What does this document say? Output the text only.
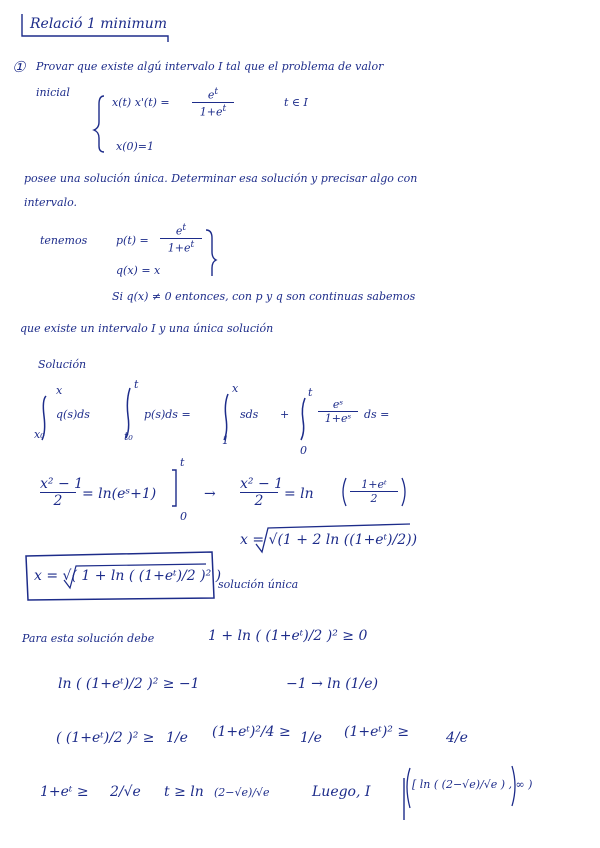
Relació 1 minimum
① Provar que existe algú intervalo I tal que el problema de valor
inicial
x(t) x'(t) =
$e^t$
$1+e^t$	t ∈ I
x(0)=1
posee una solución única. Determinar esa solución y precisar algo con
intervalo.
tenemos	p(t) =
$e^t$
$1+e^t$
q(x) = x
Si q(x) ≠ 0 entonces, con p y q son continuas sabemos
que existe un intervalo I y una única solución
Solución
x
x₀
q(s)ds
t
t₀
p(s)ds =
x
1
sds +
t
0
$\frac{\text{eˢ}}{\text{1+eˢ}}$ ds =
$\frac{\text{x² − 1}}{2}$ = ln(eˢ+1)
t
0
→ $\frac{\text{x² − 1}}{2} = \ln$	$\frac{\text{1+eᵗ}}{2}$
x = √(1 + 2 ln ((1+eᵗ)/2))
x = √( 1 + ln ( (1+eᵗ)/2 )² )
solución única
Para esta solución debe	1 + ln ( (1+eᵗ)/2 )² ≥ 0
ln ( (1+eᵗ)/2 )² ≥ −1	−1 → ln (1/e)
( (1+eᵗ)/2 )² ≥ 1/e (1+eᵗ)²/4 ≥ 1/e (1+eᵗ)² ≥	4/e
1+eᵗ ≥ 2/√e t ≥ ln (2−√e)/√e	Luego, I	[ ln ( (2−√e)/√e ) , ∞ )
